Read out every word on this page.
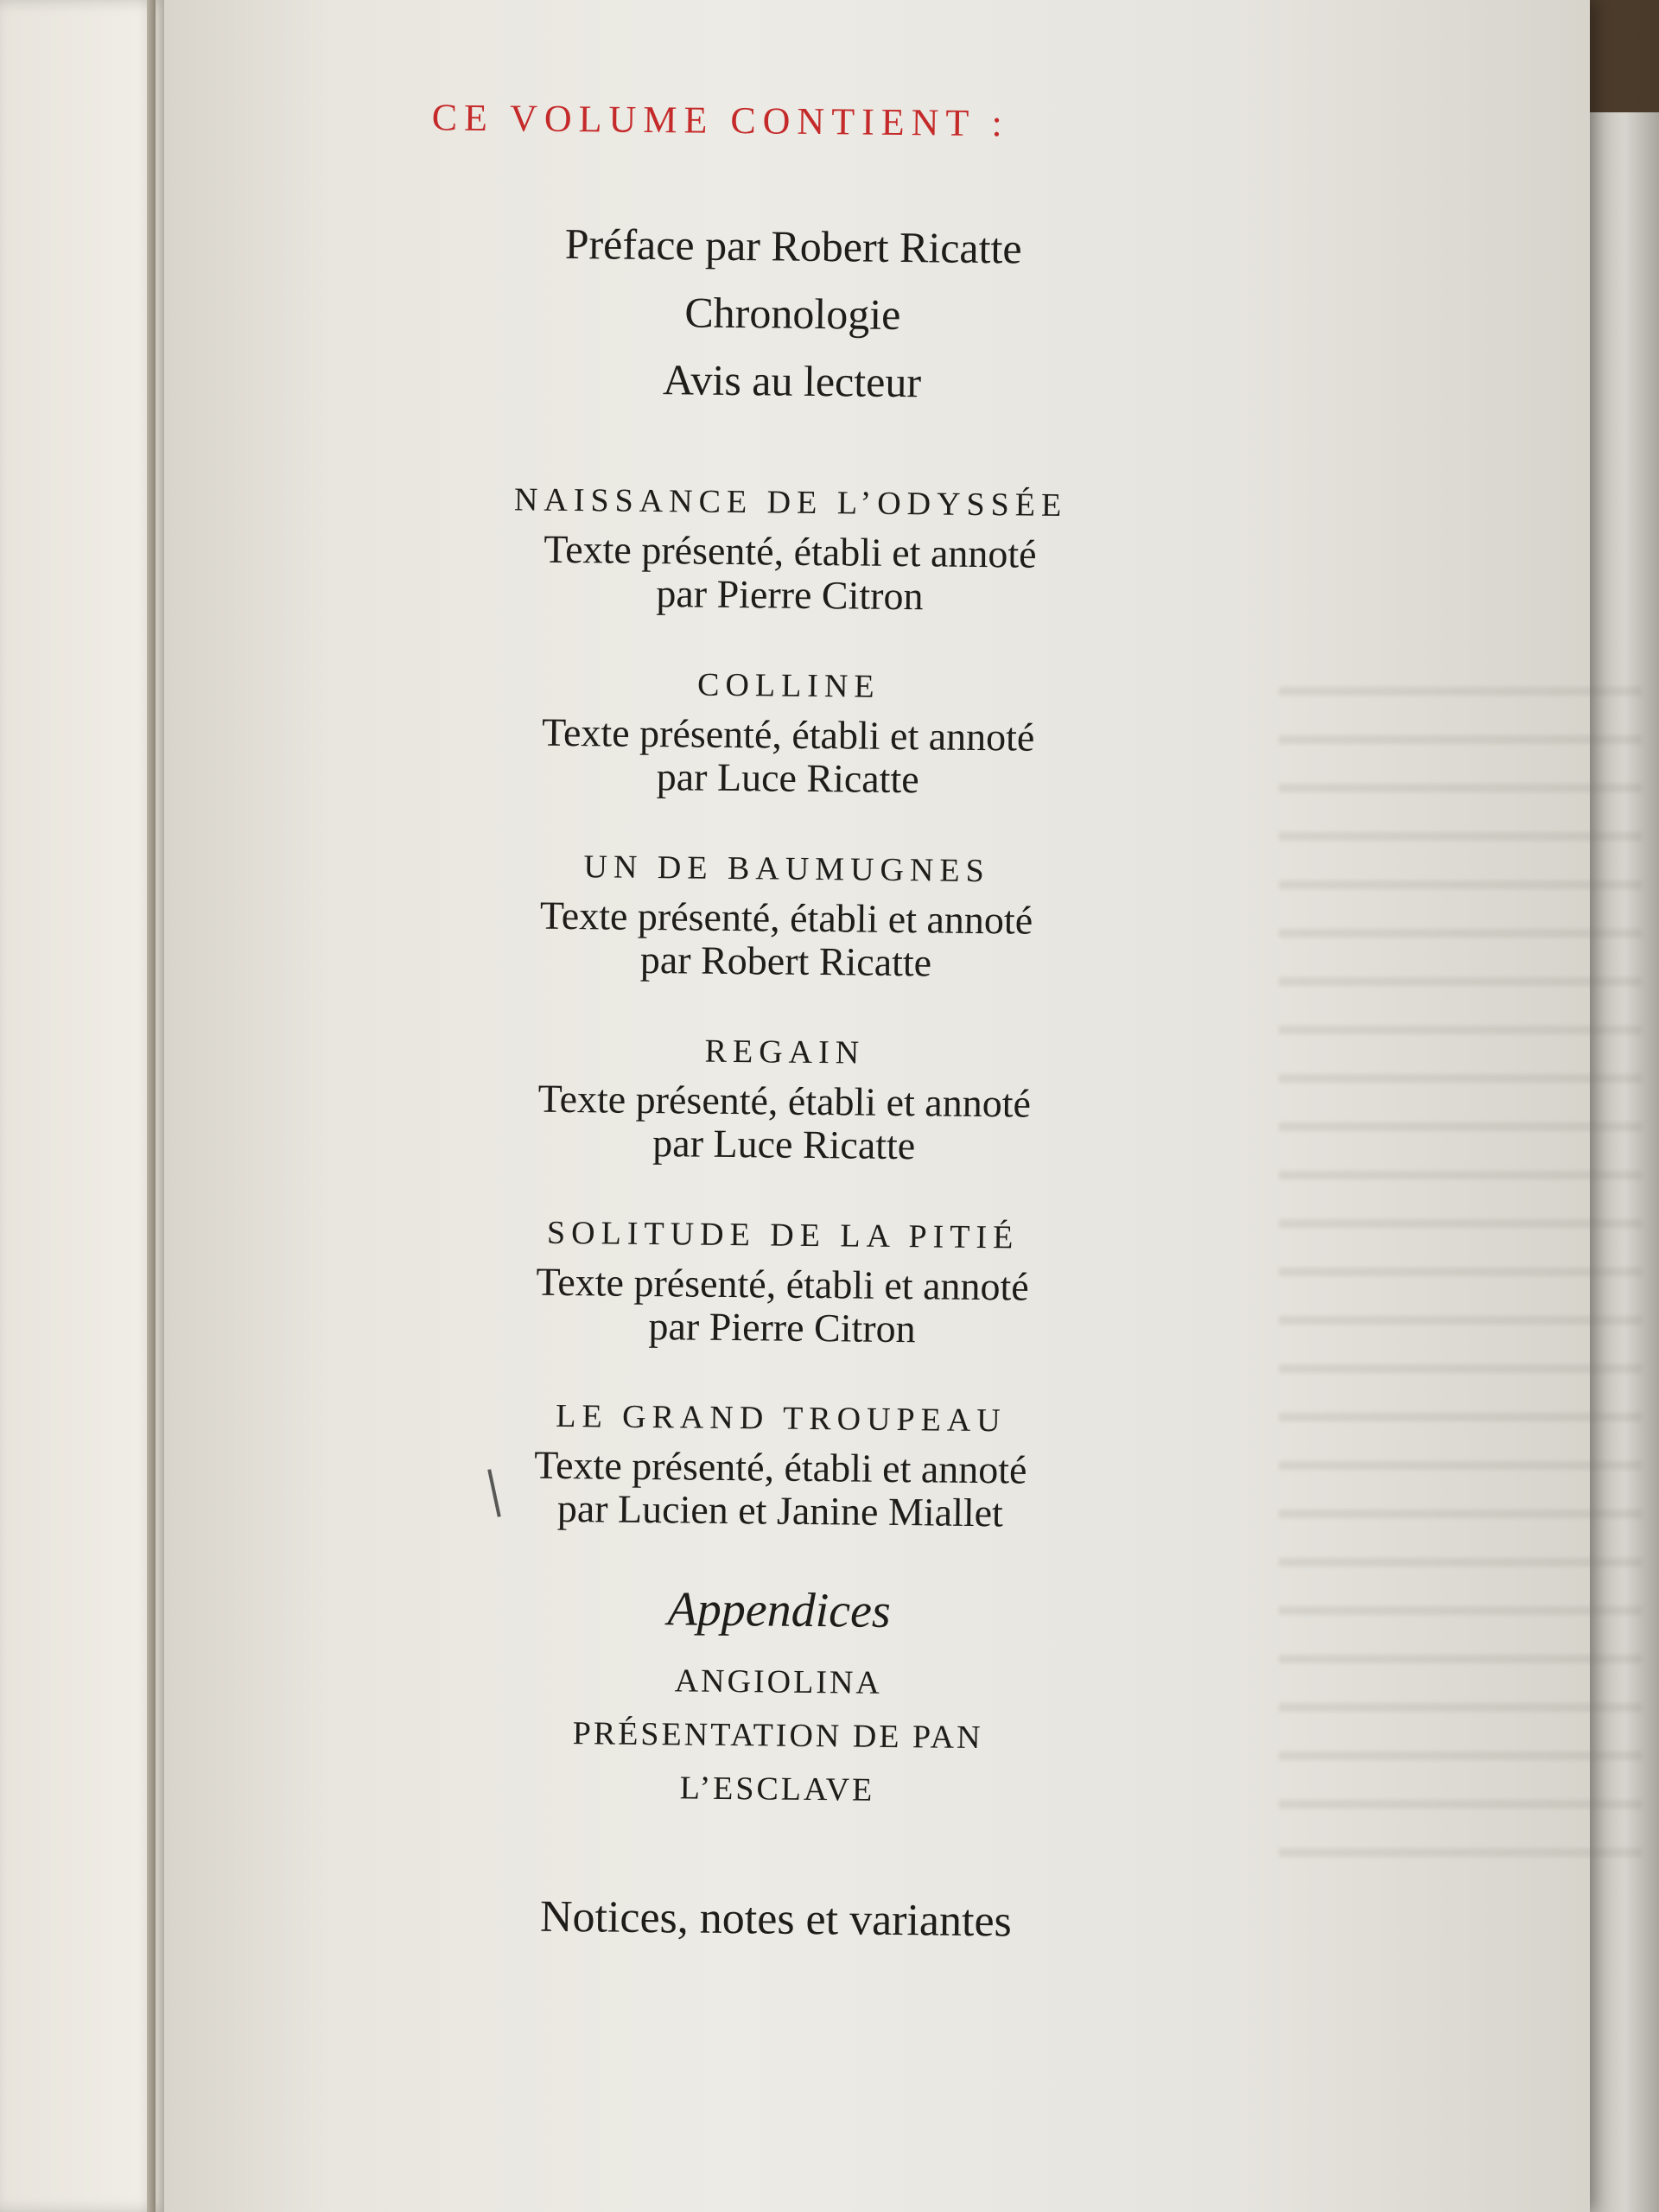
CE VOLUME CONTIENT :

Préface par Robert Ricatte

Chronologie

Avis au lecteur

NAISSANCE DE L’ODYSSÉE

Texte présenté, établi et annoté

par Pierre Citron

COLLINE

Texte présenté, établi et annoté

par Luce Ricatte

UN DE BAUMUGNES

Texte présenté, établi et annoté

par Robert Ricatte

REGAIN

Texte présenté, établi et annoté

par Luce Ricatte

SOLITUDE DE LA PITIÉ

Texte présenté, établi et annoté

par Pierre Citron

LE GRAND TROUPEAU

Texte présenté, établi et annoté

par Lucien et Janine Miallet

Appendices

ANGIOLINA

PRÉSENTATION DE PAN

L’ESCLAVE

Notices, notes et variantes
